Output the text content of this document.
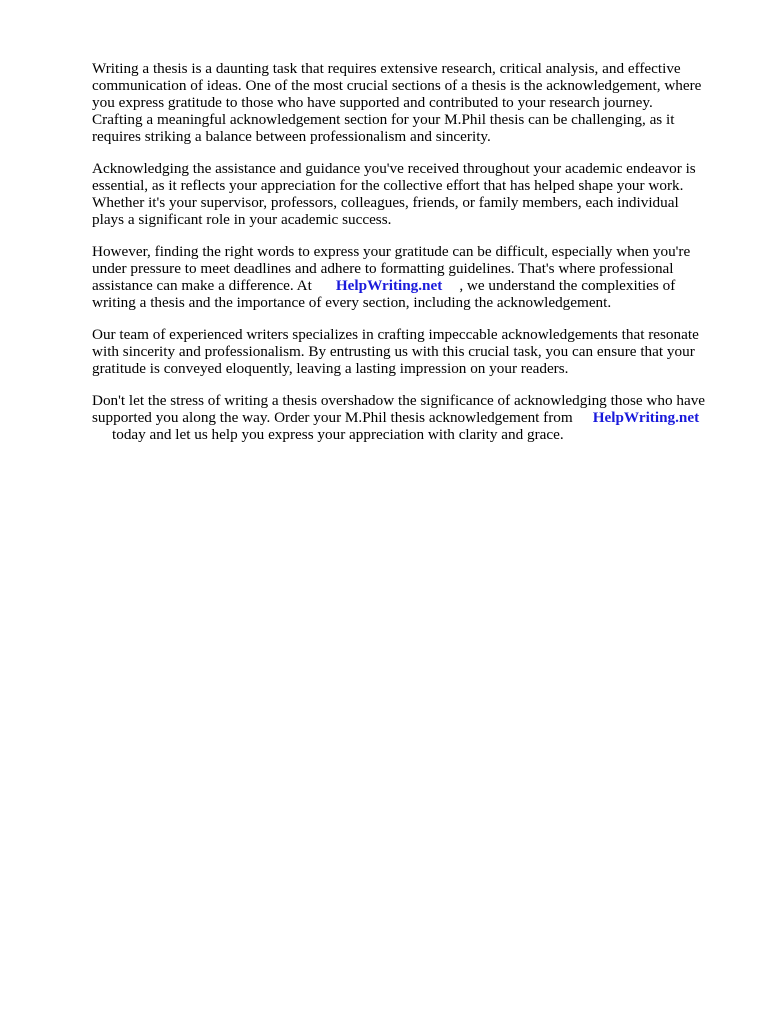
Writing a thesis is a daunting task that requires extensive research, critical analysis, and effective
communication of ideas. One of the most crucial sections of a thesis is the acknowledgement, where
you express gratitude to those who have supported and contributed to your research journey.
Crafting a meaningful acknowledgement section for your M.Phil thesis can be challenging, as it
requires striking a balance between professionalism and sincerity.

Acknowledging the assistance and guidance you've received throughout your academic endeavor is
essential, as it reflects your appreciation for the collective effort that has helped shape your work.
Whether it's your supervisor, professors, colleagues, friends, or family members, each individual
plays a significant role in your academic success.

However, finding the right words to express your gratitude can be difficult, especially when you're
under pressure to meet deadlines and adhere to formatting guidelines. That's where professional
assistance can make a difference. At HelpWriting.net , we understand the complexities of
writing a thesis and the importance of every section, including the acknowledgement.

Our team of experienced writers specializes in crafting impeccable acknowledgements that resonate
with sincerity and professionalism. By entrusting us with this crucial task, you can ensure that your
gratitude is conveyed eloquently, leaving a lasting impression on your readers.

Don't let the stress of writing a thesis overshadow the significance of acknowledging those who have
supported you along the way. Order your M.Phil thesis acknowledgement from HelpWriting.net
today and let us help you express your appreciation with clarity and grace.
